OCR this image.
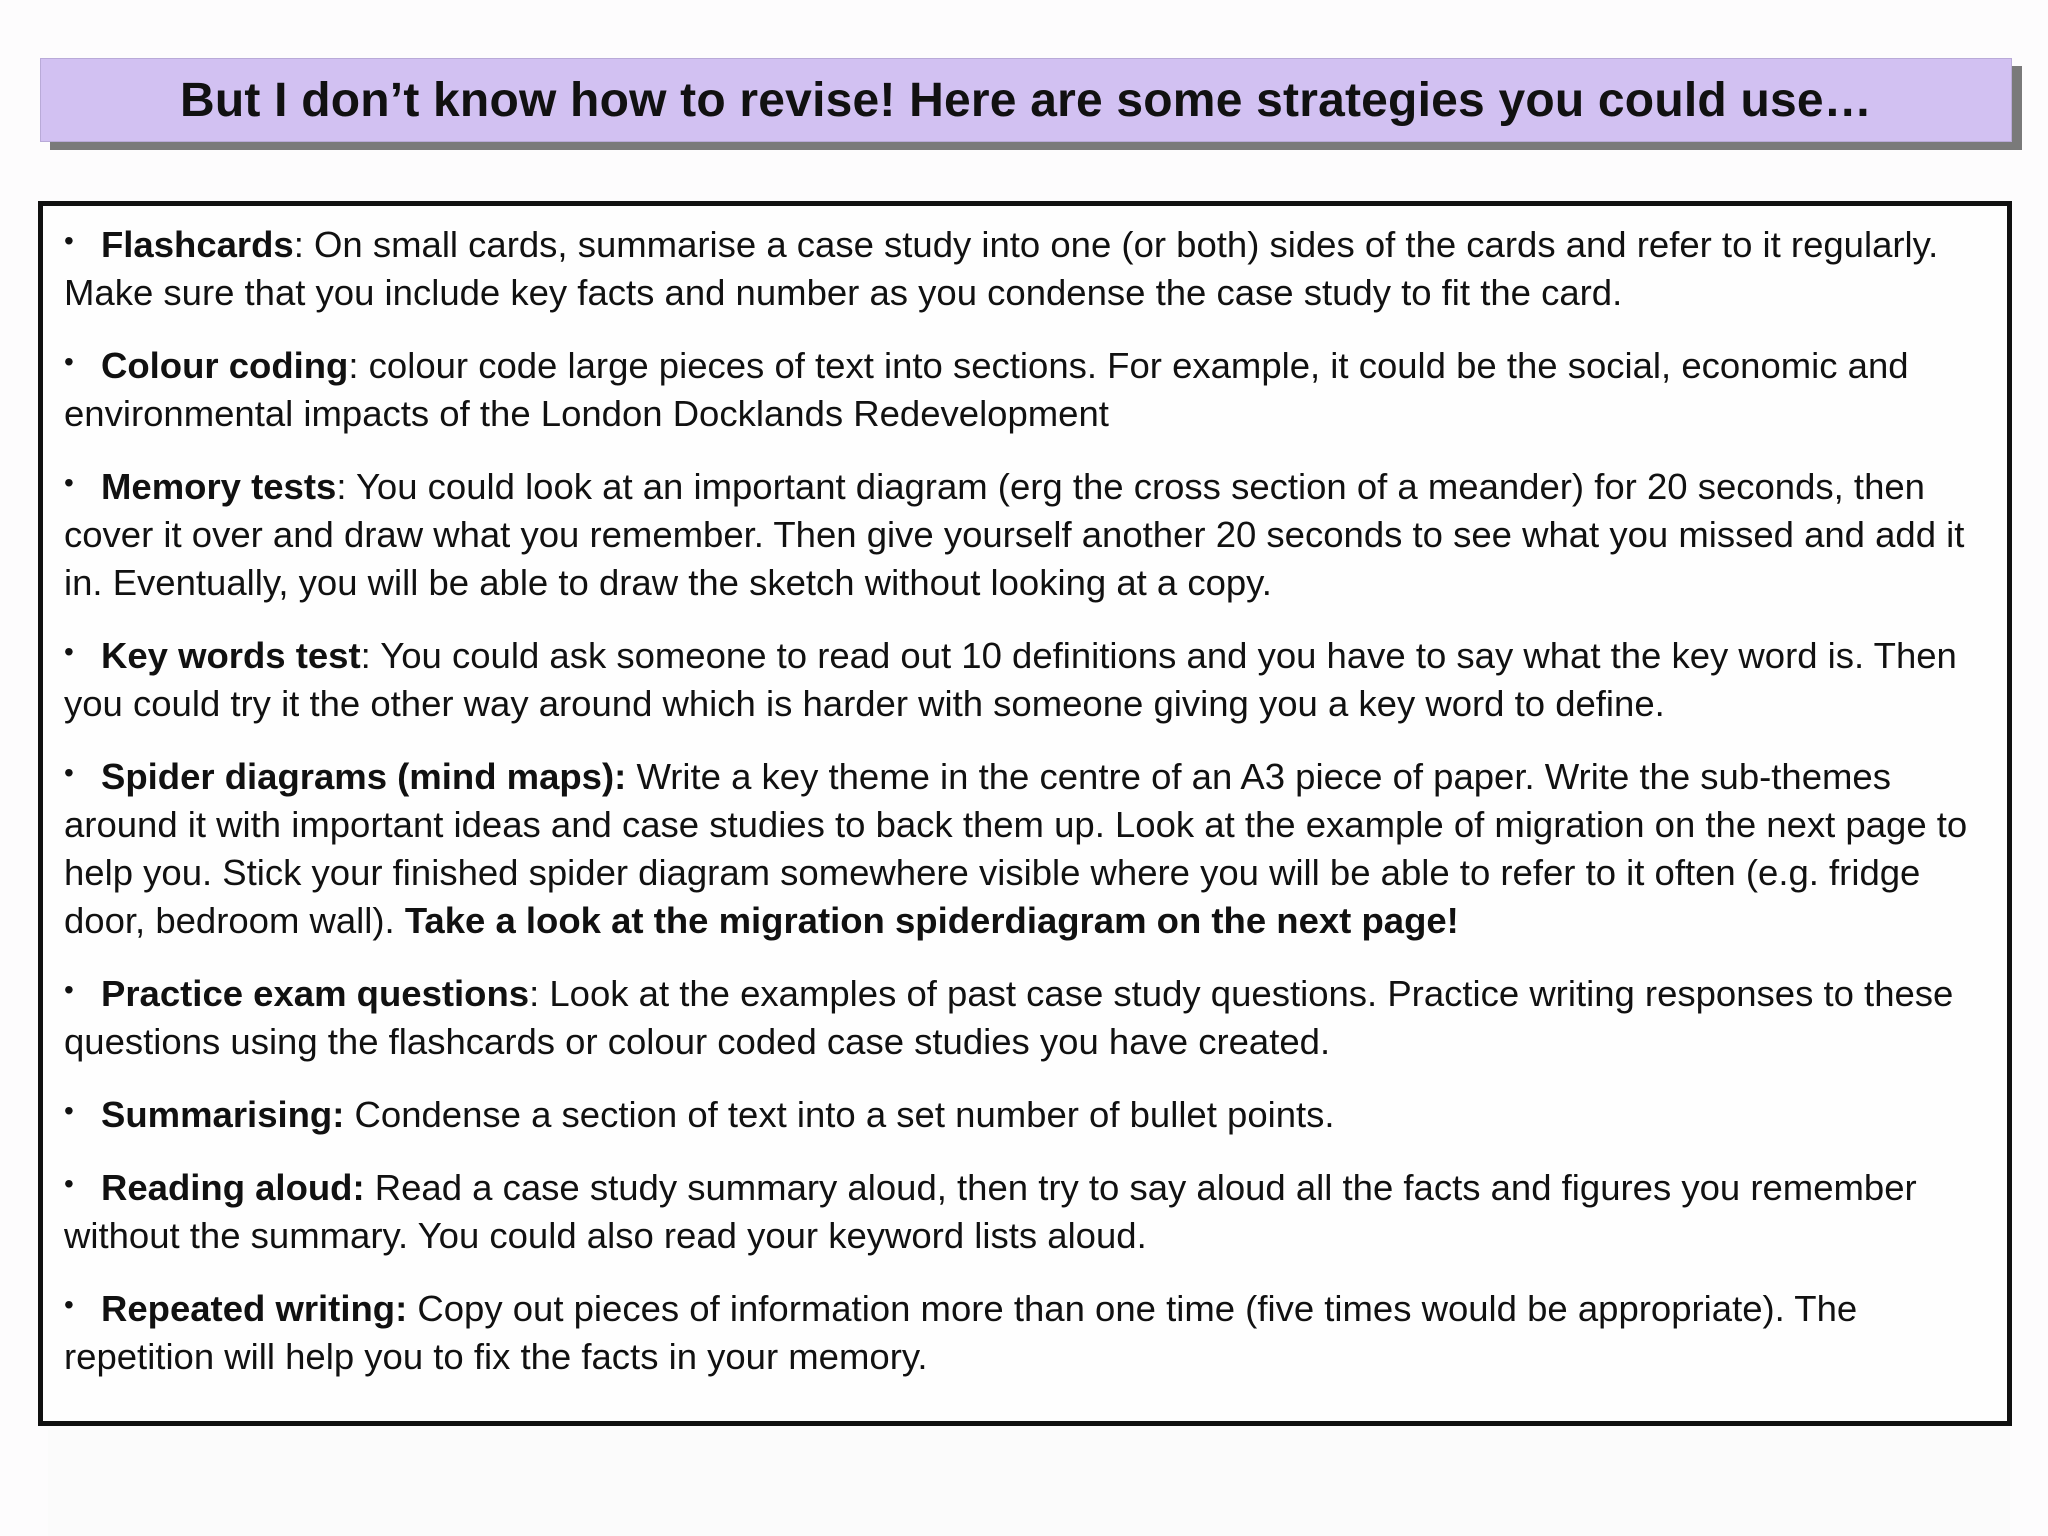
But I don’t know how to revise! Here are some strategies you could use…
• Flashcards: On small cards, summarise a case study into one (or both) sides of the cards and refer to it regularly. Make sure that you include key facts and number as you condense the case study to fit the card.
• Colour coding: colour code large pieces of text into sections. For example, it could be the social, economic and environmental impacts of the London Docklands Redevelopment
• Memory tests: You could look at an important diagram (erg the cross section of a meander) for 20 seconds, then cover it over and draw what you remember. Then give yourself another 20 seconds to see what you missed and add it in. Eventually, you will be able to draw the sketch without looking at a copy.
• Key words test: You could ask someone to read out 10 definitions and you have to say what the key word is. Then you could try it the other way around which is harder with someone giving you a key word to define.
• Spider diagrams (mind maps): Write a key theme in the centre of an A3 piece of paper. Write the sub-themes around it with important ideas and case studies to back them up. Look at the example of migration on the next page to help you. Stick your finished spider diagram somewhere visible where you will be able to refer to it often (e.g. fridge door, bedroom wall). Take a look at the migration spiderdiagram on the next page!
• Practice exam questions: Look at the examples of past case study questions. Practice writing responses to these questions using the flashcards or colour coded case studies you have created.
• Summarising: Condense a section of text into a set number of bullet points.
• Reading aloud: Read a case study summary aloud, then try to say aloud all the facts and figures you remember without the summary. You could also read your keyword lists aloud.
• Repeated writing: Copy out pieces of information more than one time (five times would be appropriate). The repetition will help you to fix the facts in your memory.
